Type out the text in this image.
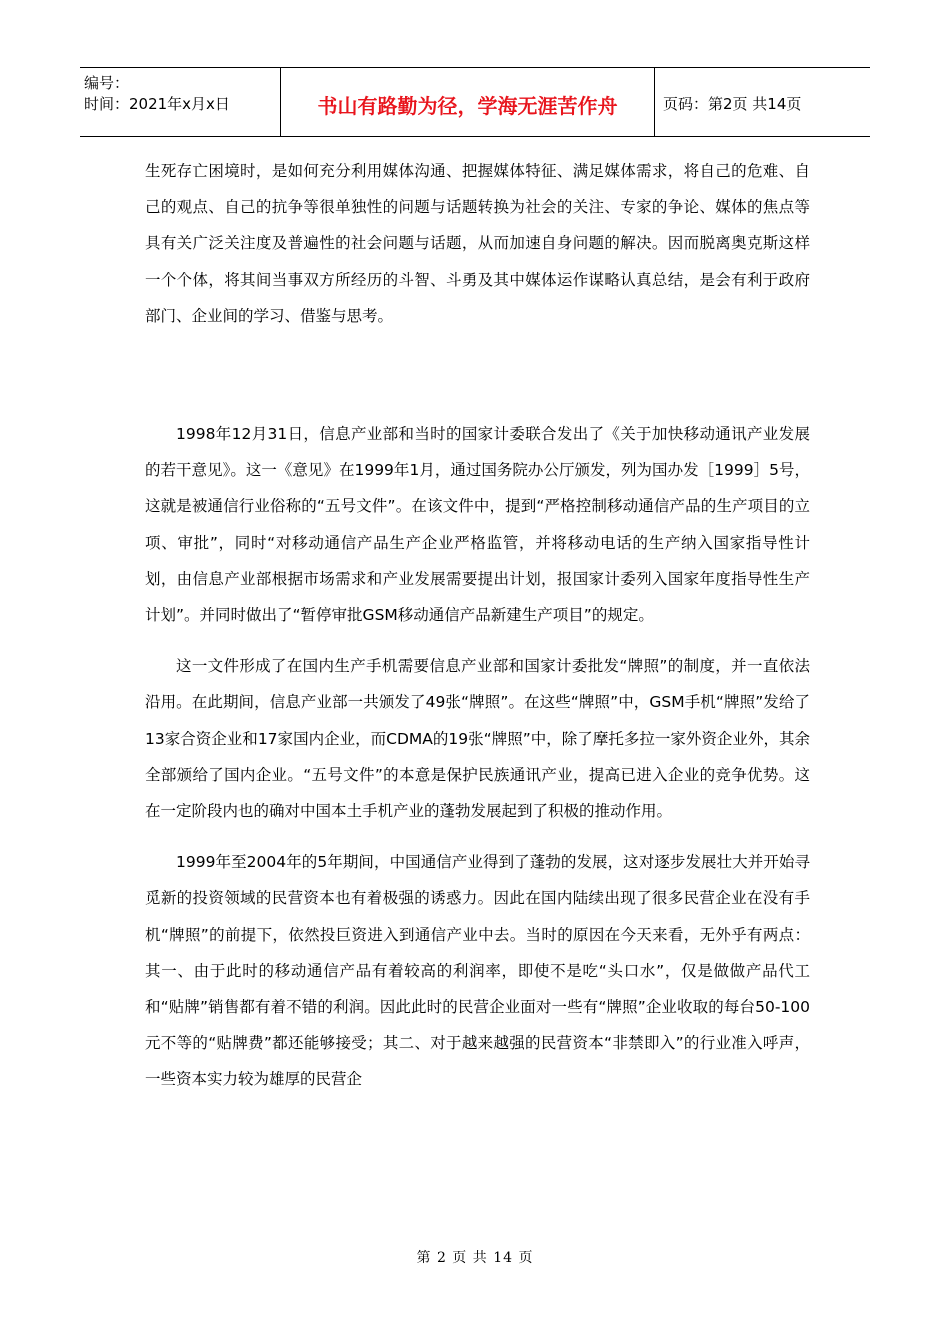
编号：
时间：2021年x月x日	书山有路勤为径，学海无涯苦作舟	页码：第2页 共14页

生死存亡困境时，是如何充分利用媒体沟通、把握媒体特征、满足媒体需求，将自己的危难、自己的观点、自己的抗争等很单独性的问题与话题转换为社会的关注、专家的争论、媒体的焦点等具有关广泛关注度及普遍性的社会问题与话题，从而加速自身问题的解决。因而脱离奥克斯这样一个个体，将其间当事双方所经历的斗智、斗勇及其中媒体运作谋略认真总结，是会有利于政府部门、企业间的学习、借鉴与思考。

1998年12月31日，信息产业部和当时的国家计委联合发出了《关于加快移动通讯产业发展的若干意见》。这一《意见》在1999年1月，通过国务院办公厅颁发，列为国办发［1999］5号，这就是被通信行业俗称的“五号文件”。在该文件中，提到“严格控制移动通信产品的生产项目的立项、审批”，同时“对移动通信产品生产企业严格监管，并将移动电话的生产纳入国家指导性计划，由信息产业部根据市场需求和产业发展需要提出计划，报国家计委列入国家年度指导性生产计划”。并同时做出了“暂停审批GSM移动通信产品新建生产项目”的规定。

这一文件形成了在国内生产手机需要信息产业部和国家计委批发“牌照”的制度，并一直依法沿用。在此期间，信息产业部一共颁发了49张“牌照”。在这些“牌照”中，GSM手机“牌照”发给了13家合资企业和17家国内企业，而CDMA的19张“牌照”中，除了摩托多拉一家外资企业外，其余全部颁给了国内企业。“五号文件”的本意是保护民族通讯产业，提高已进入企业的竞争优势。这在一定阶段内也的确对中国本土手机产业的蓬勃发展起到了积极的推动作用。

1999年至2004年的5年期间，中国通信产业得到了蓬勃的发展，这对逐步发展壮大并开始寻觅新的投资领域的民营资本也有着极强的诱惑力。因此在国内陆续出现了很多民营企业在没有手机“牌照”的前提下，依然投巨资进入到通信产业中去。当时的原因在今天来看，无外乎有两点：其一、由于此时的移动通信产品有着较高的利润率，即使不是吃“头口水”，仅是做做产品代工和“贴牌”销售都有着不错的利润。因此此时的民营企业面对一些有“牌照”企业收取的每台50-100元不等的“贴牌费”都还能够接受；其二、对于越来越强的民营资本“非禁即入”的行业准入呼声，一些资本实力较为雄厚的民营企

第 2 页 共 14 页
